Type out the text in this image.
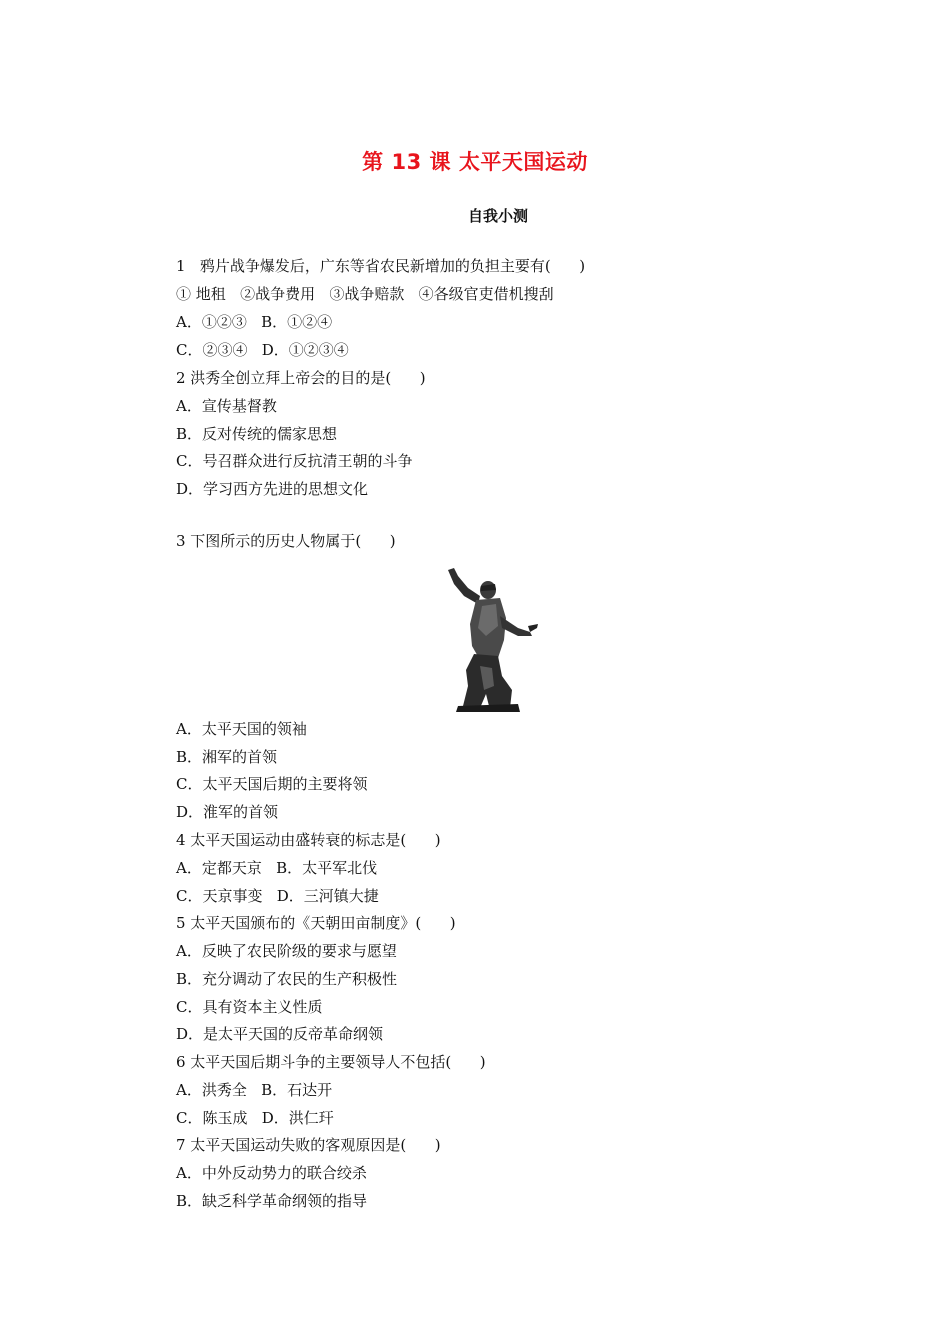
第 13 课 太平天国运动
自我小测
1   鸦片战争爆发后，广东等省农民新增加的负担主要有(      )
① 地租   ②战争费用   ③战争赔款   ④各级官吏借机搜刮
A．①②③   B．①②④
C．②③④   D．①②③④
2 洪秀全创立拜上帝会的目的是(      )
A．宣传基督教
B．反对传统的儒家思想
C．号召群众进行反抗清王朝的斗争
D．学习西方先进的思想文化
3 下图所示的历史人物属于(      )
A．太平天国的领袖
B．湘军的首领
C．太平天国后期的主要将领
D．淮军的首领
4 太平天国运动由盛转衰的标志是(      )
A．定都天京   B．太平军北伐
C．天京事变   D．三河镇大捷
5 太平天国颁布的《天朝田亩制度》(      )
A．反映了农民阶级的要求与愿望
B．充分调动了农民的生产积极性
C．具有资本主义性质
D．是太平天国的反帝革命纲领
6 太平天国后期斗争的主要领导人不包括(      )
A．洪秀全   B．石达开
C．陈玉成   D．洪仁玕
7 太平天国运动失败的客观原因是(      )
A．中外反动势力的联合绞杀
B．缺乏科学革命纲领的指导
